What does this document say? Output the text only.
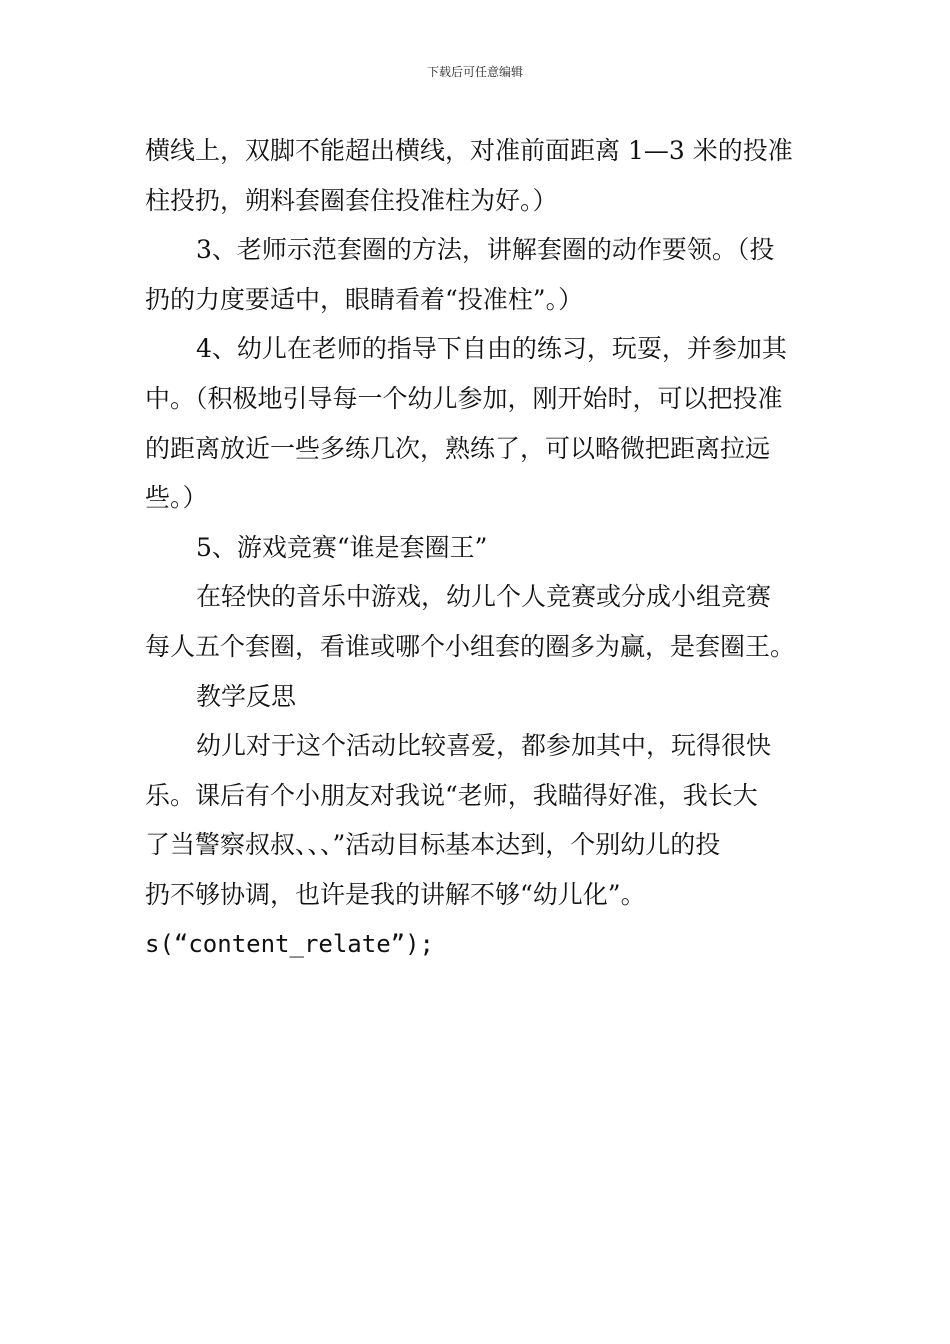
下载后可任意编辑
横线上，双脚不能超出横线，对准前面距离 1—3 米的投准
柱投扔，朔料套圈套住投准柱为好。）
3、老师示范套圈的方法，讲解套圈的动作要领。（投
扔的力度要适中，眼睛看着“投准柱”。）
4、幼儿在老师的指导下自由的练习，玩耍，并参加其
中。（积极地引导每一个幼儿参加，刚开始时，可以把投准
的距离放近一些多练几次，熟练了，可以略微把距离拉远
些。）
5、游戏竞赛“谁是套圈王”
在轻快的音乐中游戏，幼儿个人竞赛或分成小组竞赛
每人五个套圈，看谁或哪个小组套的圈多为赢，是套圈王。
教学反思
幼儿对于这个活动比较喜爱，都参加其中，玩得很快
乐。课后有个小朋友对我说“老师，我瞄得好准，我长大
了当警察叔叔、、、”活动目标基本达到，个别幼儿的投
扔不够协调，也许是我的讲解不够“幼儿化”。
s(“content_relate”);
